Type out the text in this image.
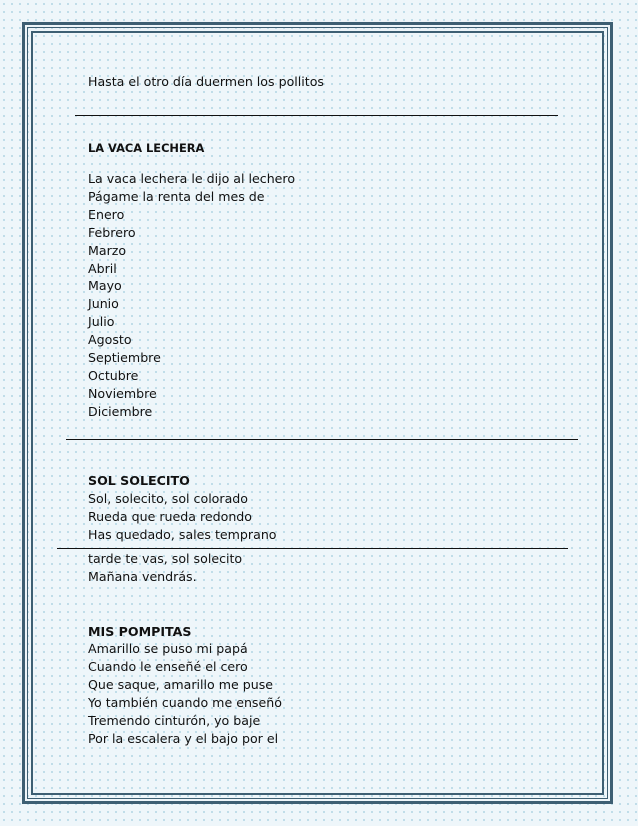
Hasta el otro día duermen los pollitos

LA VACA LECHERA

La vaca lechera le dijo al lechero
Págame la renta del mes de
Enero
Febrero
Marzo
Abril
Mayo
Junio
Julio
Agosto
Septiembre
Octubre
Noviembre
Diciembre

SOL SOLECITO

Sol, solecito, sol colorado
Rueda que rueda redondo
Has quedado, sales temprano
tarde te vas, sol solecito
Mañana vendrás.

MIS POMPITAS

Amarillo se puso mi papá
Cuando le enseñé el cero
Que saque, amarillo me puse
Yo también cuando me enseñó
Tremendo cinturón, yo baje
Por la escalera y el bajo por el
